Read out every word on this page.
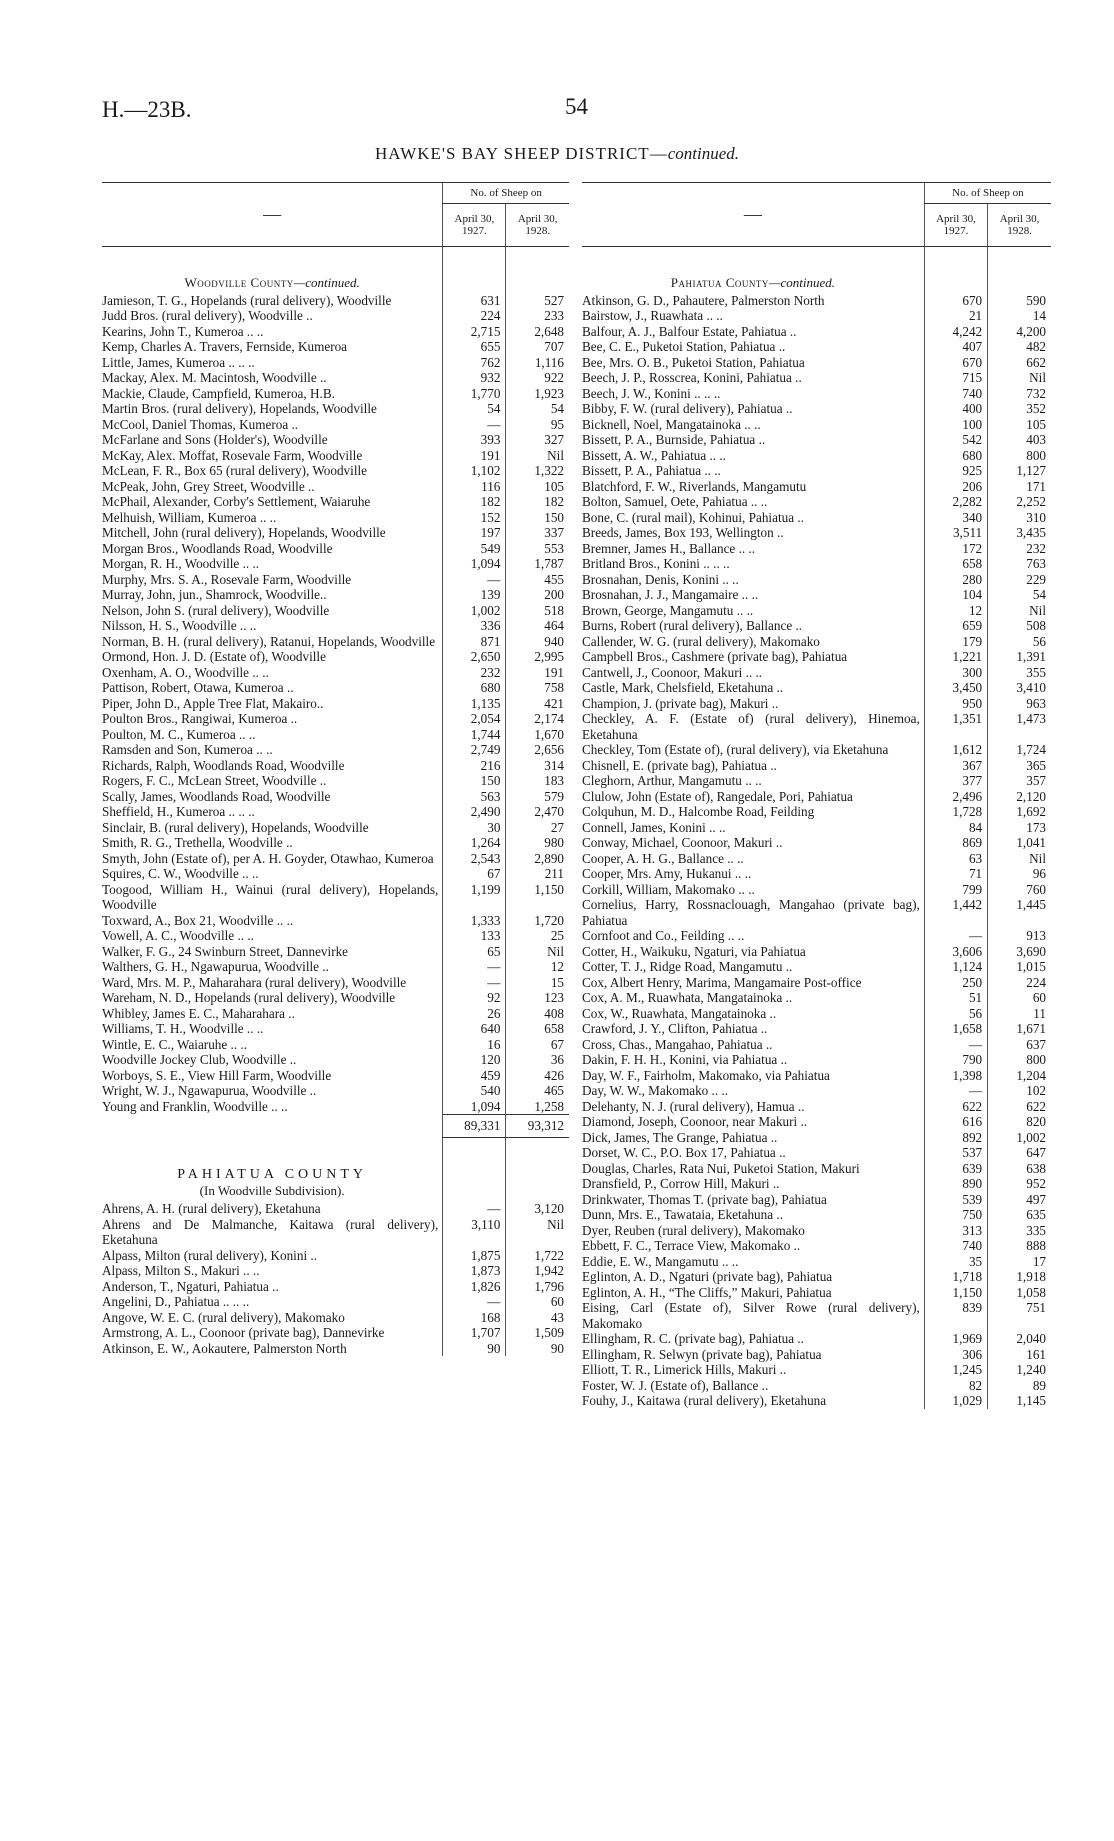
H.—23B.	54
HAWKE'S BAY SHEEP DISTRICT—continued.
—	No. of Sheep on	
	April 30, 1927.	April 30, 1928.
Woodville County—continued.		
Jamieson, T. G., Hopelands (rural delivery), Woodville	631	527
Judd Bros. (rural delivery), Woodville ..	224	233
Kearins, John T., Kumeroa .. ..	2,715	2,648
Kemp, Charles A. Travers, Fernside, Kumeroa	655	707
Little, James, Kumeroa .. .. ..	762	1,116
Mackay, Alex. M. Macintosh, Woodville ..	932	922
Mackie, Claude, Campfield, Kumeroa, H.B.	1,770	1,923
Martin Bros. (rural delivery), Hopelands, Woodville	54	54
McCool, Daniel Thomas, Kumeroa ..	—	95
McFarlane and Sons (Holder's), Woodville	393	327
McKay, Alex. Moffat, Rosevale Farm, Woodville	191	Nil
McLean, F. R., Box 65 (rural delivery), Woodville	1,102	1,322
McPeak, John, Grey Street, Woodville ..	116	105
McPhail, Alexander, Corby's Settlement, Waiaruhe	182	182
Melhuish, William, Kumeroa .. ..	152	150
Mitchell, John (rural delivery), Hopelands, Woodville	197	337
Morgan Bros., Woodlands Road, Woodville	549	553
Morgan, R. H., Woodville .. ..	1,094	1,787
Murphy, Mrs. S. A., Rosevale Farm, Woodville	—	455
Murray, John, jun., Shamrock, Woodville..	139	200
Nelson, John S. (rural delivery), Woodville	1,002	518
Nilsson, H. S., Woodville .. ..	336	464
Norman, B. H. (rural delivery), Ratanui, Hopelands, Woodville	871	940
Ormond, Hon. J. D. (Estate of), Woodville	2,650	2,995
Oxenham, A. O., Woodville .. ..	232	191
Pattison, Robert, Otawa, Kumeroa ..	680	758
Piper, John D., Apple Tree Flat, Makairo..	1,135	421
Poulton Bros., Rangiwai, Kumeroa ..	2,054	2,174
Poulton, M. C., Kumeroa .. ..	1,744	1,670
Ramsden and Son, Kumeroa .. ..	2,749	2,656
Richards, Ralph, Woodlands Road, Woodville	216	314
Rogers, F. C., McLean Street, Woodville ..	150	183
Scally, James, Woodlands Road, Woodville	563	579
Sheffield, H., Kumeroa .. .. ..	2,490	2,470
Sinclair, B. (rural delivery), Hopelands, Woodville	30	27
Smith, R. G., Trethella, Woodville ..	1,264	980
Smyth, John (Estate of), per A. H. Goyder, Otawhao, Kumeroa	2,543	2,890
Squires, C. W., Woodville .. ..	67	211
Toogood, William H., Wainui (rural delivery), Hopelands, Woodville	1,199	1,150
Toxward, A., Box 21, Woodville .. ..	1,333	1,720
Vowell, A. C., Woodville .. ..	133	25
Walker, F. G., 24 Swinburn Street, Dannevirke	65	Nil
Walthers, G. H., Ngawapurua, Woodville ..	—	12
Ward, Mrs. M. P., Maharahara (rural delivery), Woodville	—	15
Wareham, N. D., Hopelands (rural delivery), Woodville	92	123
Whibley, James E. C., Maharahara ..	26	408
Williams, T. H., Woodville .. ..	640	658
Wintle, E. C., Waiaruhe .. ..	16	67
Woodville Jockey Club, Woodville ..	120	36
Worboys, S. E., View Hill Farm, Woodville	459	426
Wright, W. J., Ngawapurua, Woodville ..	540	465
Young and Franklin, Woodville .. ..	1,094	1,258
	89,331	93,312
PAHIATUA COUNTY		
(In Woodville Subdivision).		
Ahrens, A. H. (rural delivery), Eketahuna	—	3,120
Ahrens and De Malmanche, Kaitawa (rural delivery), Eketahuna	3,110	Nil
Alpass, Milton (rural delivery), Konini ..	1,875	1,722
Alpass, Milton S., Makuri .. ..	1,873	1,942
Anderson, T., Ngaturi, Pahiatua ..	1,826	1,796
Angelini, D., Pahiatua .. .. ..	—	60
Angove, W. E. C. (rural delivery), Makomako	168	43
Armstrong, A. L., Coonoor (private bag), Dannevirke	1,707	1,509
Atkinson, E. W., Aokautere, Palmerston North	90	90
—	No. of Sheep on	
	April 30, 1927.	April 30, 1928.
Pahiatua County—continued.		
Atkinson, G. D., Pahautere, Palmerston North	670	590
Bairstow, J., Ruawhata .. ..	21	14
Balfour, A. J., Balfour Estate, Pahiatua ..	4,242	4,200
Bee, C. E., Puketoi Station, Pahiatua ..	407	482
Bee, Mrs. O. B., Puketoi Station, Pahiatua	670	662
Beech, J. P., Rosscrea, Konini, Pahiatua ..	715	Nil
Beech, J. W., Konini .. .. ..	740	732
Bibby, F. W. (rural delivery), Pahiatua ..	400	352
Bicknell, Noel, Mangatainoka .. ..	100	105
Bissett, P. A., Burnside, Pahiatua ..	542	403
Bissett, A. W., Pahiatua .. ..	680	800
Bissett, P. A., Pahiatua .. ..	925	1,127
Blatchford, F. W., Riverlands, Mangamutu	206	171
Bolton, Samuel, Oete, Pahiatua .. ..	2,282	2,252
Bone, C. (rural mail), Kohinui, Pahiatua ..	340	310
Breeds, James, Box 193, Wellington ..	3,511	3,435
Bremner, James H., Ballance .. ..	172	232
Britland Bros., Konini .. .. ..	658	763
Brosnahan, Denis, Konini .. ..	280	229
Brosnahan, J. J., Mangamaire .. ..	104	54
Brown, George, Mangamutu .. ..	12	Nil
Burns, Robert (rural delivery), Ballance ..	659	508
Callender, W. G. (rural delivery), Makomako	179	56
Campbell Bros., Cashmere (private bag), Pahiatua	1,221	1,391
Cantwell, J., Coonoor, Makuri .. ..	300	355
Castle, Mark, Chelsfield, Eketahuna ..	3,450	3,410
Champion, J. (private bag), Makuri ..	950	963
Checkley, A. F. (Estate of) (rural delivery), Hinemoa, Eketahuna	1,351	1,473
Checkley, Tom (Estate of), (rural delivery), via Eketahuna	1,612	1,724
Chisnell, E. (private bag), Pahiatua ..	367	365
Cleghorn, Arthur, Mangamutu .. ..	377	357
Clulow, John (Estate of), Rangedale, Pori, Pahiatua	2,496	2,120
Colquhun, M. D., Halcombe Road, Feilding	1,728	1,692
Connell, James, Konini .. ..	84	173
Conway, Michael, Coonoor, Makuri ..	869	1,041
Cooper, A. H. G., Ballance .. ..	63	Nil
Cooper, Mrs. Amy, Hukanui .. ..	71	96
Corkill, William, Makomako .. ..	799	760
Cornelius, Harry, Rossnaclouagh, Mangahao (private bag), Pahiatua	1,442	1,445
Cornfoot and Co., Feilding .. ..	—	913
Cotter, H., Waikuku, Ngaturi, via Pahiatua	3,606	3,690
Cotter, T. J., Ridge Road, Mangamutu ..	1,124	1,015
Cox, Albert Henry, Marima, Mangamaire Post-office	250	224
Cox, A. M., Ruawhata, Mangatainoka ..	51	60
Cox, W., Ruawhata, Mangatainoka ..	56	11
Crawford, J. Y., Clifton, Pahiatua ..	1,658	1,671
Cross, Chas., Mangahao, Pahiatua ..	—	637
Dakin, F. H. H., Konini, via Pahiatua ..	790	800
Day, W. F., Fairholm, Makomako, via Pahiatua	1,398	1,204
Day, W. W., Makomako .. ..	—	102
Delehanty, N. J. (rural delivery), Hamua ..	622	622
Diamond, Joseph, Coonoor, near Makuri ..	616	820
Dick, James, The Grange, Pahiatua ..	892	1,002
Dorset, W. C., P.O. Box 17, Pahiatua ..	537	647
Douglas, Charles, Rata Nui, Puketoi Station, Makuri	639	638
Dransfield, P., Corrow Hill, Makuri ..	890	952
Drinkwater, Thomas T. (private bag), Pahiatua	539	497
Dunn, Mrs. E., Tawataia, Eketahuna ..	750	635
Dyer, Reuben (rural delivery), Makomako	313	335
Ebbett, F. C., Terrace View, Makomako ..	740	888
Eddie, E. W., Mangamutu .. ..	35	17
Eglinton, A. D., Ngaturi (private bag), Pahiatua	1,718	1,918
Eglinton, A. H., “The Cliffs,” Makuri, Pahiatua	1,150	1,058
Eising, Carl (Estate of), Silver Rowe (rural delivery), Makomako	839	751
Ellingham, R. C. (private bag), Pahiatua ..	1,969	2,040
Ellingham, R. Selwyn (private bag), Pahiatua	306	161
Elliott, T. R., Limerick Hills, Makuri ..	1,245	1,240
Foster, W. J. (Estate of), Ballance ..	82	89
Fouhy, J., Kaitawa (rural delivery), Eketahuna	1,029	1,145
